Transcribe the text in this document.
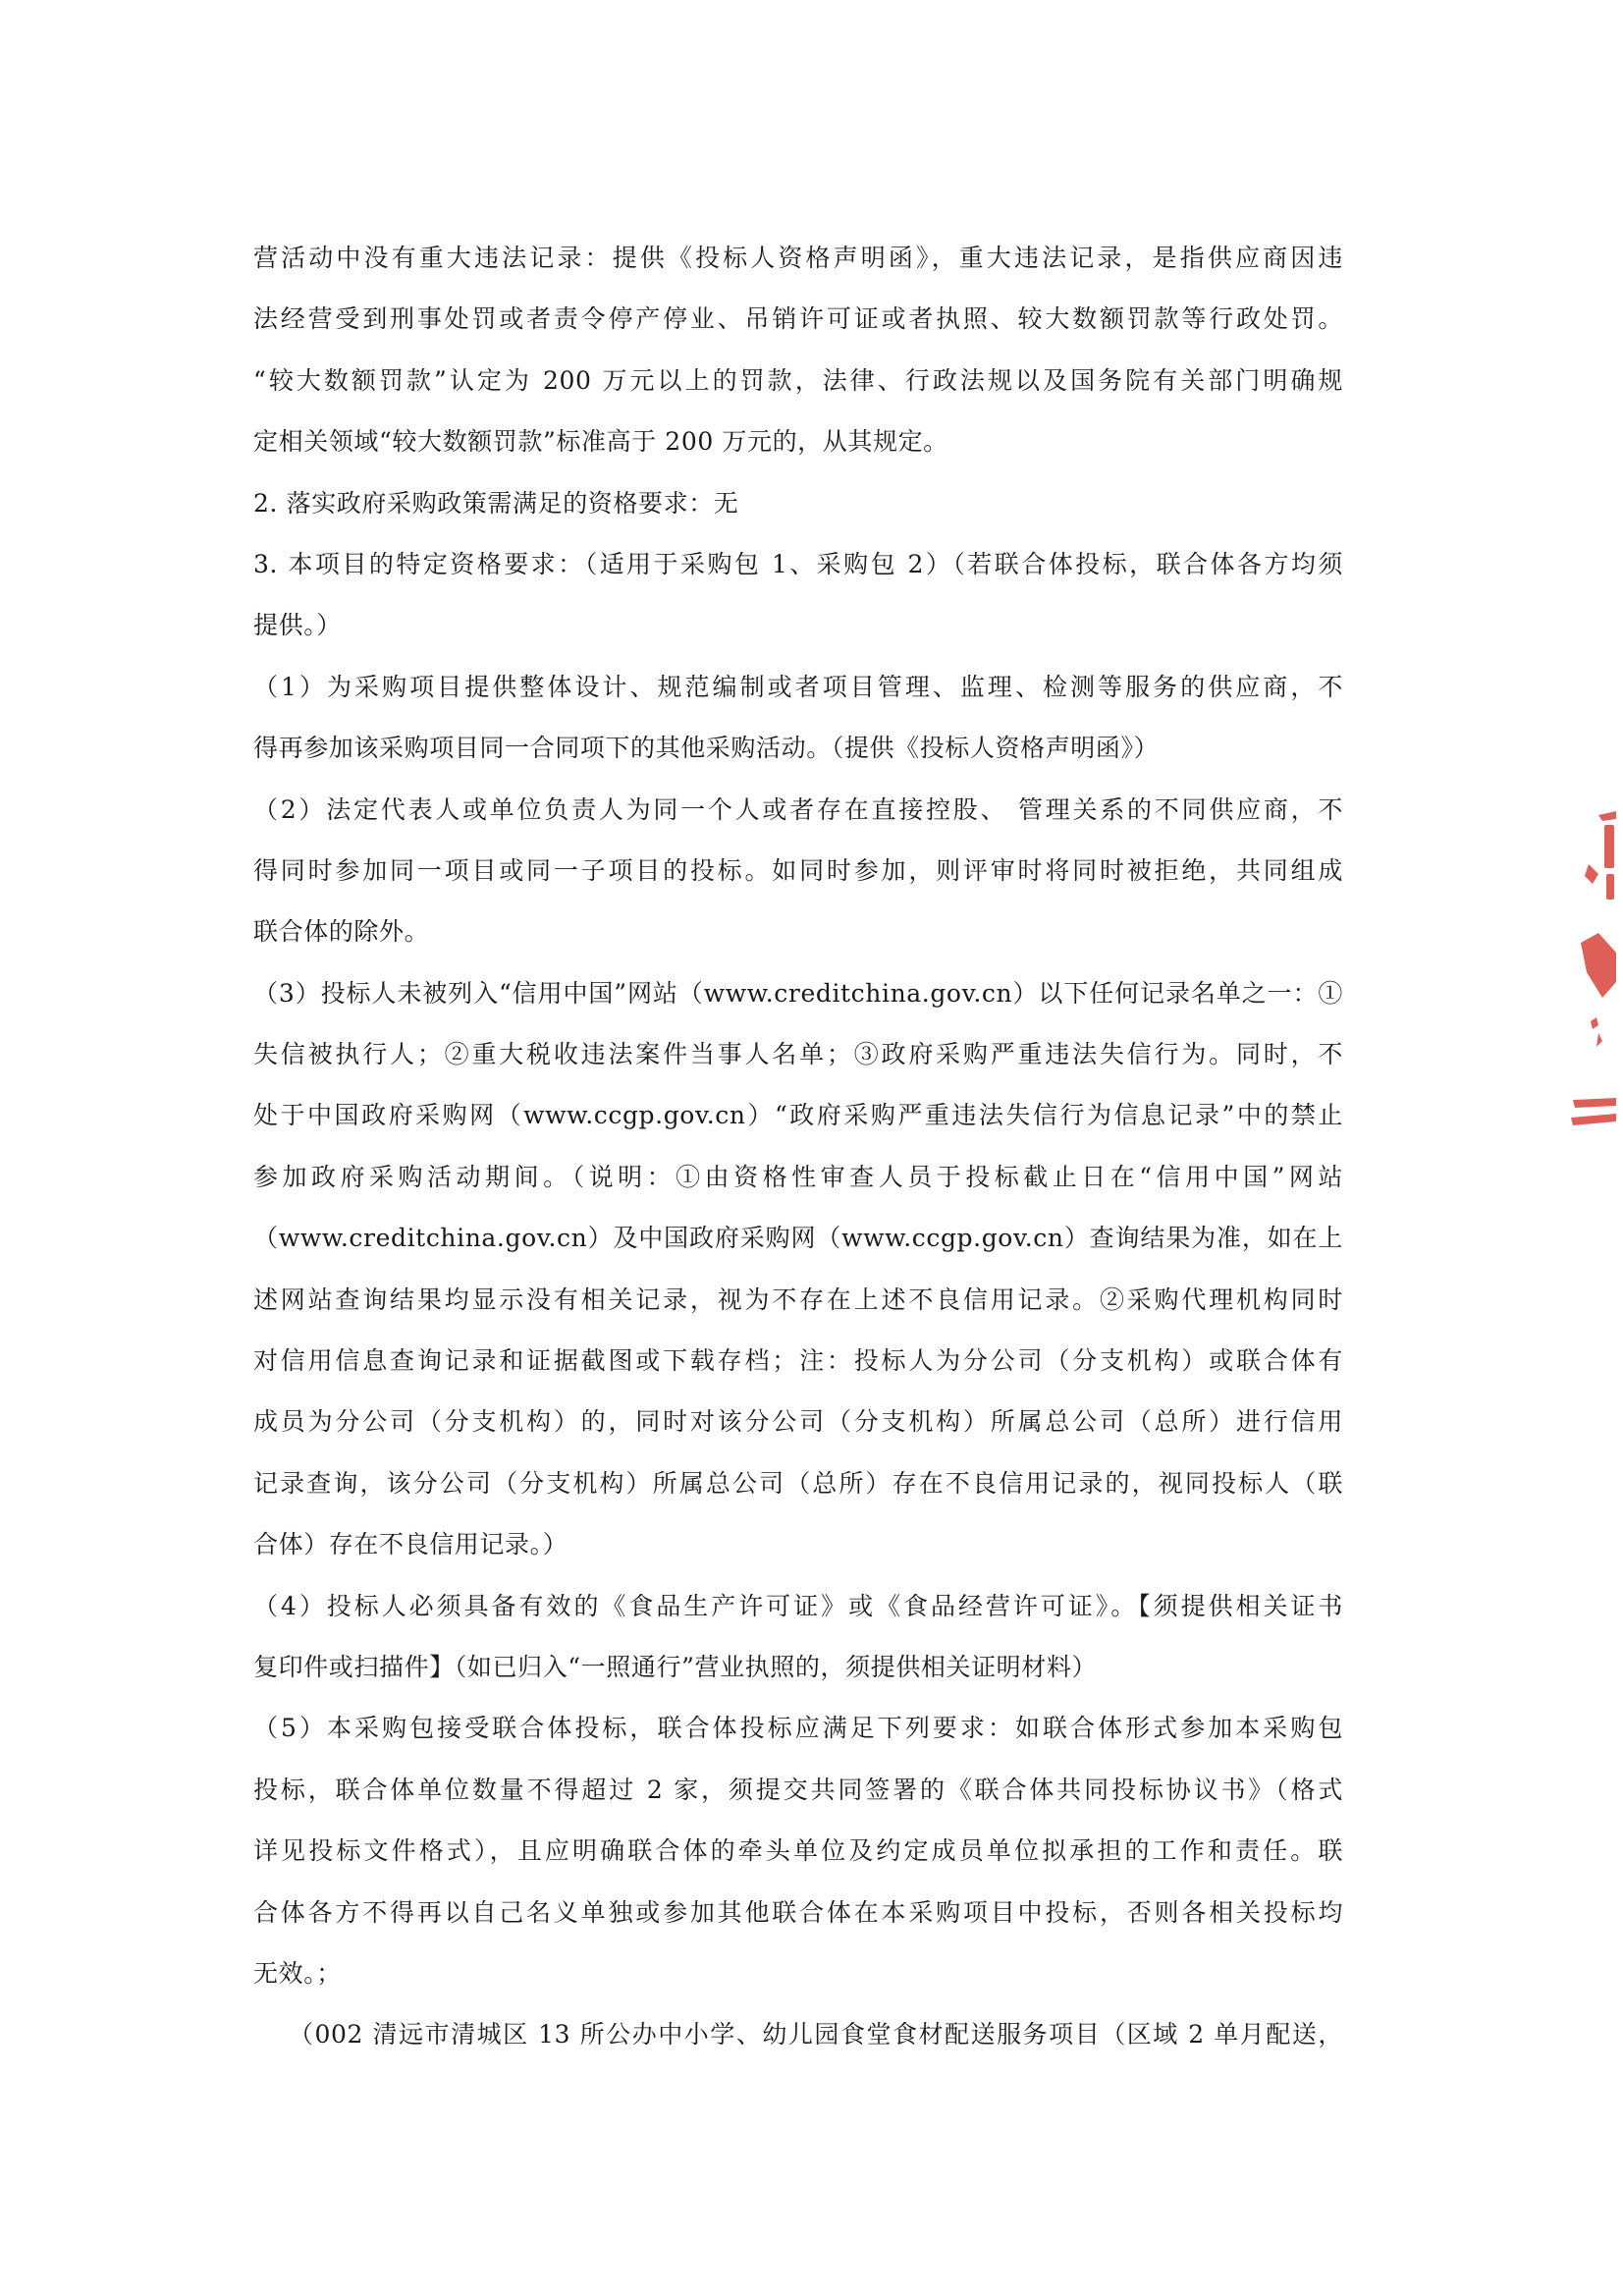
营活动中没有重大违法记录：提供《投标人资格声明函》，重大违法记录，是指供应商因违
法经营受到刑事处罚或者责令停产停业、吊销许可证或者执照、较大数额罚款等行政处罚。
“较大数额罚款”认定为 200 万元以上的罚款，法律、行政法规以及国务院有关部门明确规
定相关领域“较大数额罚款”标准高于 200 万元的，从其规定。
2. 落实政府采购政策需满足的资格要求：无
3. 本项目的特定资格要求：（适用于采购包 1、采购包 2）（若联合体投标，联合体各方均须
提供。）
（1）为采购项目提供整体设计、规范编制或者项目管理、监理、检测等服务的供应商，不
得再参加该采购项目同一合同项下的其他采购活动。（提供《投标人资格声明函》）
（2）法定代表人或单位负责人为同一个人或者存在直接控股、 管理关系的不同供应商，不
得同时参加同一项目或同一子项目的投标。如同时参加，则评审时将同时被拒绝，共同组成
联合体的除外。
（3）投标人未被列入“信用中国”网站（www.creditchina.gov.cn）以下任何记录名单之一：①
失信被执行人；②重大税收违法案件当事人名单；③政府采购严重违法失信行为。同时，不
处于中国政府采购网（www.ccgp.gov.cn）“政府采购严重违法失信行为信息记录”中的禁止
参加政府采购活动期间。（说明：①由资格性审查人员于投标截止日在“信用中国”网站
（www.creditchina.gov.cn）及中国政府采购网（www.ccgp.gov.cn）查询结果为准，如在上
述网站查询结果均显示没有相关记录，视为不存在上述不良信用记录。②采购代理机构同时
对信用信息查询记录和证据截图或下载存档；注：投标人为分公司（分支机构）或联合体有
成员为分公司（分支机构）的，同时对该分公司（分支机构）所属总公司（总所）进行信用
记录查询，该分公司（分支机构）所属总公司（总所）存在不良信用记录的，视同投标人（联
合体）存在不良信用记录。）
（4）投标人必须具备有效的《食品生产许可证》或《食品经营许可证》。【须提供相关证书
复印件或扫描件】（如已归入“一照通行”营业执照的，须提供相关证明材料）
（5）本采购包接受联合体投标，联合体投标应满足下列要求：如联合体形式参加本采购包
投标，联合体单位数量不得超过 2 家，须提交共同签署的《联合体共同投标协议书》（格式
详见投标文件格式），且应明确联合体的牵头单位及约定成员单位拟承担的工作和责任。联
合体各方不得再以自己名义单独或参加其他联合体在本采购项目中投标，否则各相关投标均
无效。；
（002 清远市清城区 13 所公办中小学、幼儿园食堂食材配送服务项目（区域 2 单月配送，
